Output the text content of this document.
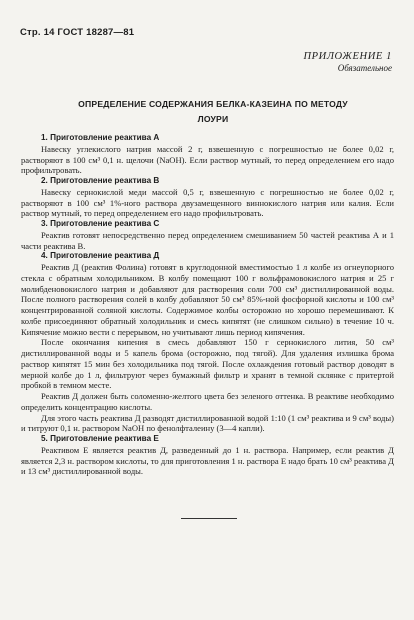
Стр. 14 ГОСТ 18287—81
ПРИЛОЖЕНИЕ 1
Обязательное
ОПРЕДЕЛЕНИЕ СОДЕРЖАНИЯ БЕЛКА-КАЗЕИНА ПО МЕТОДУ
ЛОУРИ

1. Приготовление реактива А

Навеску углекислого натрия массой 2 г, взвешенную с погрешностью не более 0,02 г, растворяют в 100 см³ 0,1 н. щелочи (NaOH). Если раствор мутный, то перед определением его надо профильтровать.

2. Приготовление реактива В

Навеску сернокислой меди массой 0,5 г, взвешенную с погрешностью не более 0,02 г, растворяют в 100 см³ 1%-ного раствора двузамещенного виннокислого натрия или калия. Если раствор мутный, то перед определением его надо профильтровать.

3. Приготовление реактива С

Реактив готовят непосредственно перед определением смешиванием 50 частей реактива А и 1 части реактива В.

4. Приготовление реактива Д

Реактив Д (реактив Фолина) готовят в круглодонной вместимостью 1 л колбе из огнеупорного стекла с обратным холодильником. В колбу помещают 100 г вольфрамовокислого натрия и 25 г молибденовокислого натрия и добавляют для растворения соли 700 см³ дистиллированной воды. После полного растворения солей в колбу добавляют 50 см³ 85%-ной фосфорной кислоты и 100 см³ концентрированной соляной кислоты. Содержимое колбы осторожно но хорошо перемешивают. К колбе присоединяют обратный холодильник и смесь кипятят (не слишком сильно) в течение 10 ч. Кипячение можно вести с перерывом, но учитывают лишь период кипячения.

После окончания кипения в смесь добавляют 150 г сернокислого лития, 50 см³ дистиллированной воды и 5 капель брома (осторожно, под тягой). Для удаления излишка брома раствор кипятят 15 мин без холодильника под тягой. После охлаждения готовый раствор доводят в мерной колбе до 1 л, фильтруют через бумажный фильтр и хранят в темной склянке с притертой пробкой в темном месте.

Реактив Д должен быть соломенно-желтого цвета без зеленого оттенка. В реактиве необходимо определить концентрацию кислоты.

Для этого часть реактива Д разводят дистиллированной водой 1:10 (1 см³ реактива и 9 см³ воды) и титруют 0,1 н. раствором NaOH по фенолфталеину (3—4 капли).

5. Приготовление реактива Е

Реактивом Е является реактив Д, разведенный до 1 н. раствора. Например, если реактив Д является 2,3 н. раствором кислоты, то для приготовления 1 н. раствора Е надо брать 10 см³ реактива Д и 13 см³ дистиллированной воды.
